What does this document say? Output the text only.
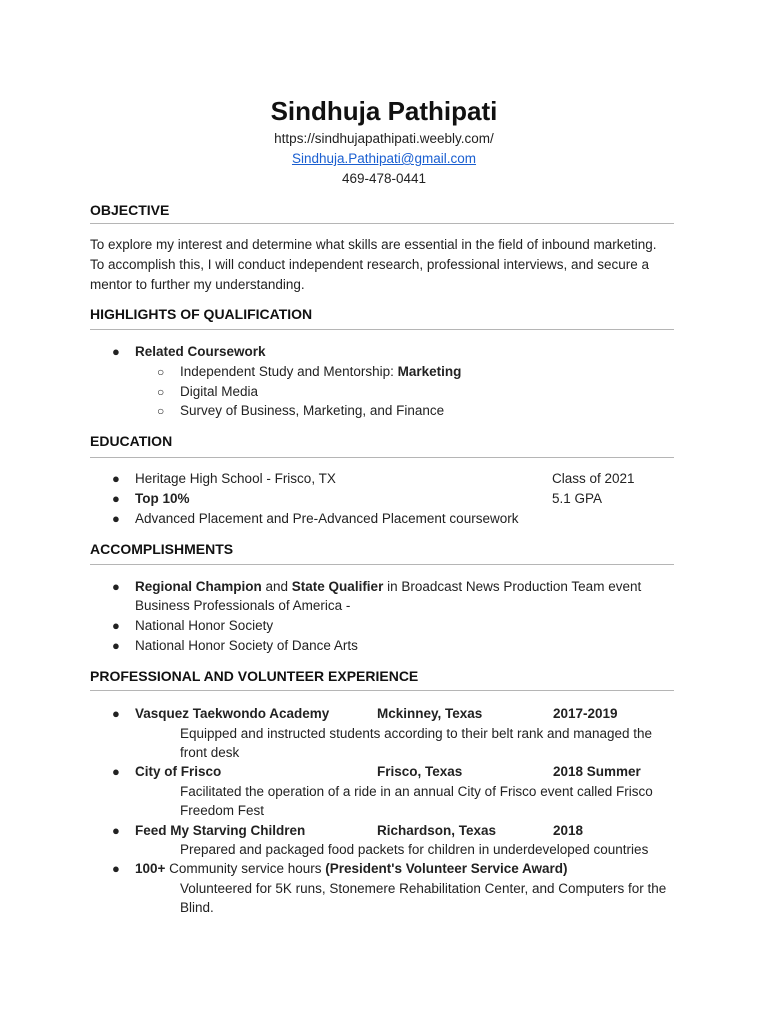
Sindhuja Pathipati
https://sindhujapathipati.weebly.com/
Sindhuja.Pathipati@gmail.com
469-478-0441
OBJECTIVE
To explore my interest and determine what skills are essential in the field of inbound marketing.
To accomplish this, I will conduct independent research, professional interviews, and secure a
mentor to further my understanding.
HIGHLIGHTS OF QUALIFICATION
● Related Coursework
○ Independent Study and Mentorship: Marketing
○ Digital Media
○ Survey of Business, Marketing, and Finance
EDUCATION
● Heritage High School - Frisco, TX	Class of 2021
● Top 10%	5.1 GPA
● Advanced Placement and Pre-Advanced Placement coursework
ACCOMPLISHMENTS
● Regional Champion and State Qualifier in Broadcast News Production Team event
Business Professionals of America -
● National Honor Society
● National Honor Society of Dance Arts
PROFESSIONAL AND VOLUNTEER EXPERIENCE
● Vasquez Taekwondo Academy	Mckinney, Texas	2017-2019
Equipped and instructed students according to their belt rank and managed the
front desk
● City of Frisco	Frisco, Texas	2018 Summer
Facilitated the operation of a ride in an annual City of Frisco event called Frisco
Freedom Fest
● Feed My Starving Children	Richardson, Texas	2018
Prepared and packaged food packets for children in underdeveloped countries
● 100+ Community service hours (President's Volunteer Service Award)
Volunteered for 5K runs, Stonemere Rehabilitation Center, and Computers for the
Blind.
